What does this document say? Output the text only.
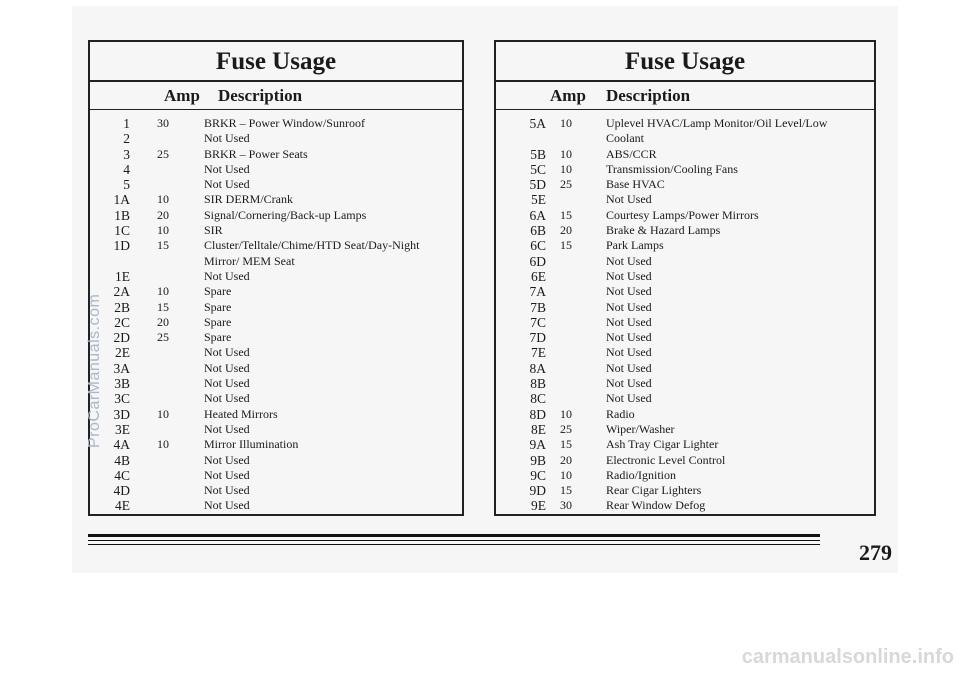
Fuse Usage
Amp Description
1	30	BRKR – Power Window/Sunroof
2	Not Used
3	25	BRKR – Power Seats
4	Not Used
5	Not Used
1A	10	SIR DERM/Crank
1B	20	Signal/Cornering/Back-up Lamps
1C	10	SIR
1D	15	Cluster/Telltale/Chime/HTD Seat/Day-Night Mirror/ MEM Seat
1E	Not Used
2A	10	Spare
2B	15	Spare
2C	20	Spare
2D	25	Spare
2E	Not Used
3A	Not Used
3B	Not Used
3C	Not Used
3D	10	Heated Mirrors
3E	Not Used
4A	10	Mirror Illumination
4B	Not Used
4C	Not Used
4D	Not Used
4E	Not Used
Fuse Usage
Amp Description
5A	10	Uplevel HVAC/Lamp Monitor/Oil Level/Low Coolant
5B	10	ABS/CCR
5C	10	Transmission/Cooling Fans
5D	25	Base HVAC
5E	Not Used
6A	15	Courtesy Lamps/Power Mirrors
6B	20	Brake & Hazard Lamps
6C	15	Park Lamps
6D	Not Used
6E	Not Used
7A	Not Used
7B	Not Used
7C	Not Used
7D	Not Used
7E	Not Used
8A	Not Used
8B	Not Used
8C	Not Used
8D	10	Radio
8E	25	Wiper/Washer
9A	15	Ash Tray Cigar Lighter
9B	20	Electronic Level Control
9C	10	Radio/Ignition
9D	15	Rear Cigar Lighters
9E	30	Rear Window Defog
279
ProCarManuals.com
carmanualsonline.info
